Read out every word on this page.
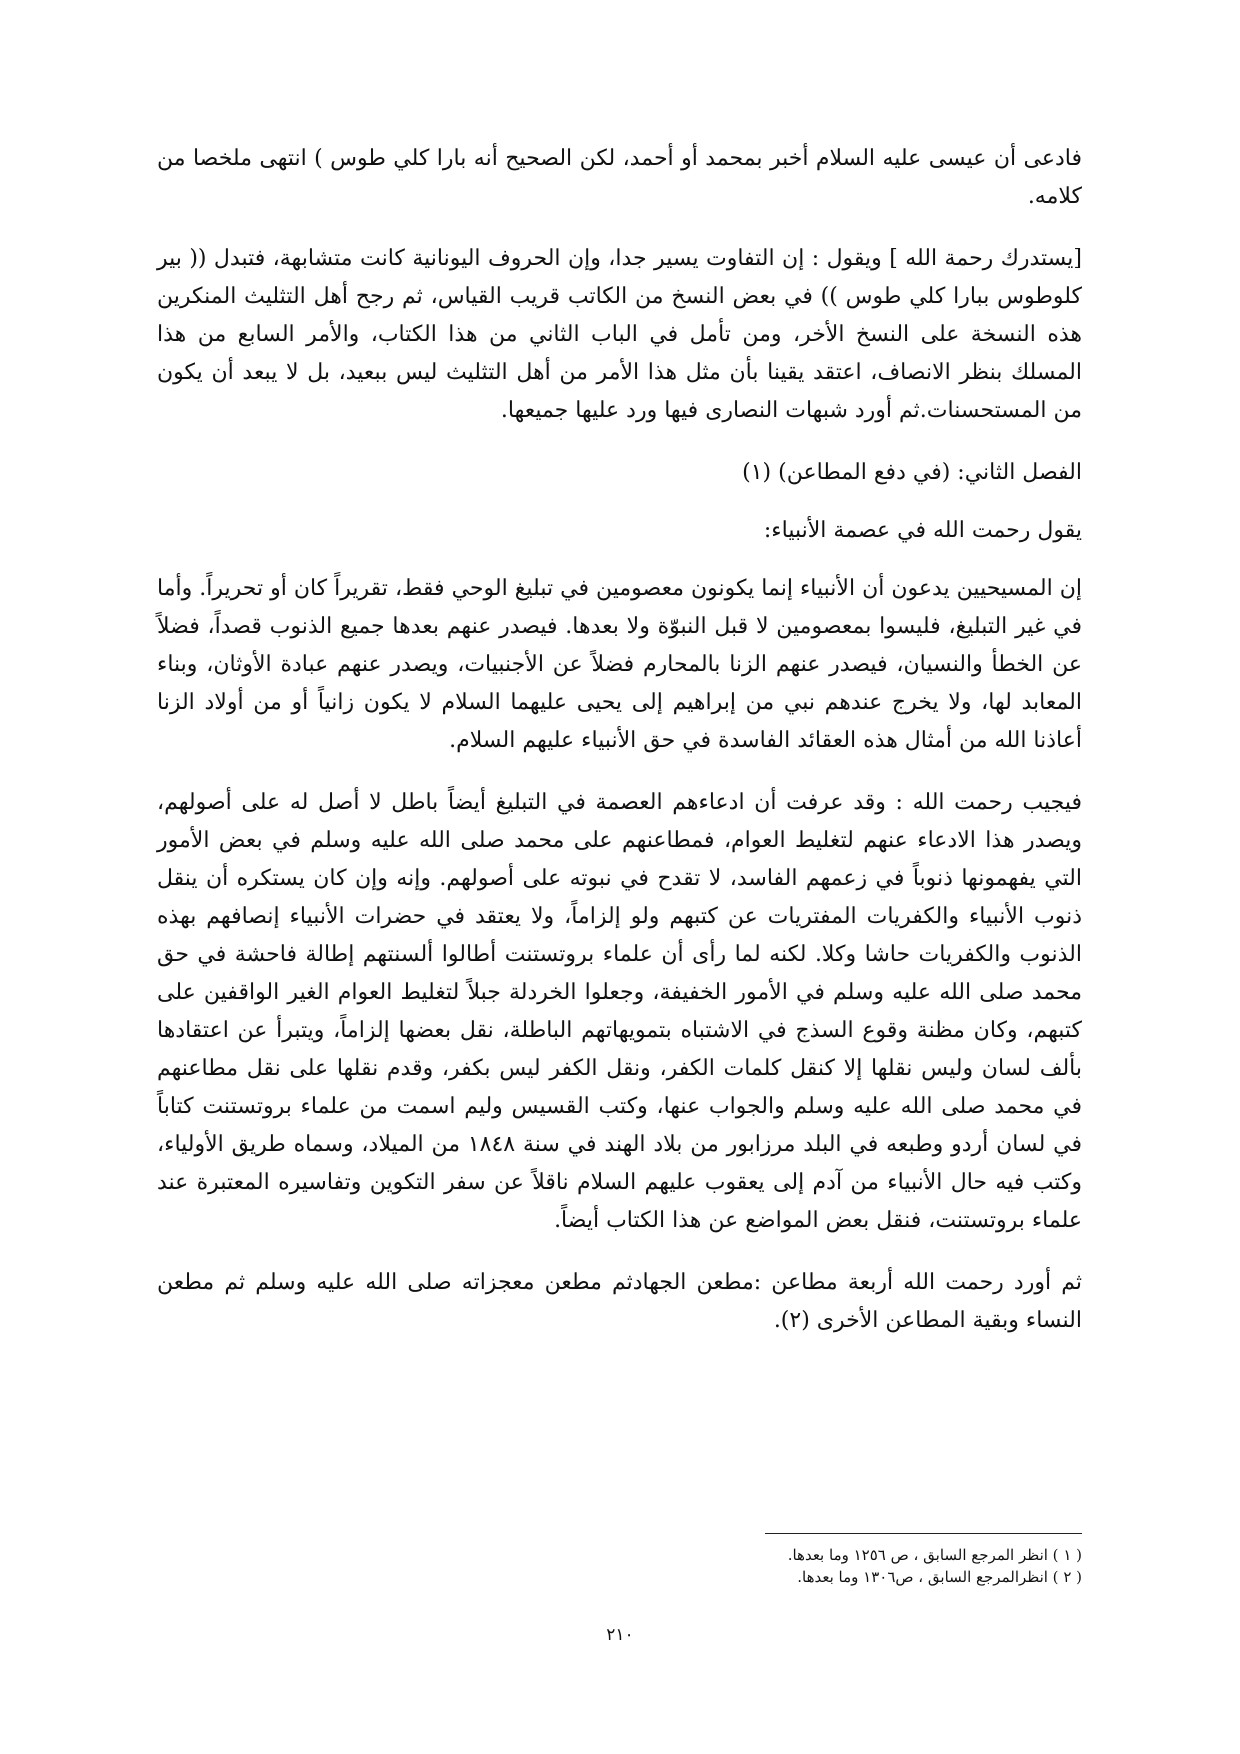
فادعى أن عيسى عليه السلام أخبر بمحمد أو أحمد، لكن الصحيح أنه بارا كلي طوس ) انتهى ملخصا من كلامه.

[يستدرك رحمة الله ] ويقول : إن التفاوت يسير جدا، وإن الحروف اليونانية كانت متشابهة، فتبدل (( بير كلوطوس ببارا كلي طوس )) في بعض النسخ من الكاتب قريب القياس، ثم رجح أهل التثليث المنكرين هذه النسخة على النسخ الأخر، ومن تأمل في الباب الثاني من هذا الكتاب، والأمر السابع من هذا المسلك بنظر الانصاف، اعتقد يقينا بأن مثل هذا الأمر من أهل التثليث ليس ببعيد، بل لا يبعد أن يكون من المستحسنات.ثم أورد شبهات النصارى فيها ورد عليها جميعها.

الفصل الثاني: (في دفع المطاعن) (١)

يقول رحمت الله في عصمة الأنبياء:

إن المسيحيين يدعون أن الأنبياء إنما يكونون معصومين في تبليغ الوحي فقط، تقريراً كان أو تحريراً. وأما في غير التبليغ، فليسوا بمعصومين لا قبل النبوّة ولا بعدها. فيصدر عنهم بعدها جميع الذنوب قصداً، فضلاً عن الخطأ والنسيان، فيصدر عنهم الزنا بالمحارم فضلاً عن الأجنبيات، ويصدر عنهم عبادة الأوثان، وبناء المعابد لها، ولا يخرج عندهم نبي من إبراهيم إلى يحيى عليهما السلام لا يكون زانياً أو من أولاد الزنا أعاذنا الله من أمثال هذه العقائد الفاسدة في حق الأنبياء عليهم السلام.

فيجيب رحمت الله : وقد عرفت أن ادعاءهم العصمة في التبليغ أيضاً باطل لا أصل له على أصولهم، ويصدر هذا الادعاء عنهم لتغليط العوام، فمطاعنهم على محمد صلى الله عليه وسلم في بعض الأمور التي يفهمونها ذنوباً في زعمهم الفاسد، لا تقدح في نبوته على أصولهم. وإنه وإن كان يستكره أن ينقل ذنوب الأنبياء والكفريات المفتريات عن كتبهم ولو إلزاماً، ولا يعتقد في حضرات الأنبياء إنصافهم بهذه الذنوب والكفريات حاشا وكلا. لكنه لما رأى أن علماء بروتستنت أطالوا ألسنتهم إطالة فاحشة في حق محمد صلى الله عليه وسلم في الأمور الخفيفة، وجعلوا الخردلة جبلاً لتغليط العوام الغير الواقفين على كتبهم، وكان مظنة وقوع السذج في الاشتباه بتمويهاتهم الباطلة، نقل بعضها إلزاماً، ويتبرأ عن اعتقادها بألف لسان وليس نقلها إلا كنقل كلمات الكفر، ونقل الكفر ليس بكفر، وقدم نقلها على نقل مطاعنهم في محمد صلى الله عليه وسلم والجواب عنها، وكتب القسيس وليم اسمت من علماء بروتستنت كتاباً في لسان أردو وطبعه في البلد مرزابور من بلاد الهند في سنة ١٨٤٨ من الميلاد، وسماه طريق الأولياء، وكتب فيه حال الأنبياء من آدم إلى يعقوب عليهم السلام ناقلاً عن سفر التكوين وتفاسيره المعتبرة عند علماء بروتستنت، فنقل بعض المواضع عن هذا الكتاب أيضاً.

ثم أورد رحمت الله أربعة مطاعن :مطعن الجهادثم مطعن معجزاته صلى الله عليه وسلم ثم مطعن النساء وبقية المطاعن الأخرى (٢).

( ١ ) انظر المرجع السابق ، ص ١٢٥٦ وما بعدها.

( ٢ ) انظرالمرجع السابق ، ص١٣٠٦ وما بعدها.

٢١٠
